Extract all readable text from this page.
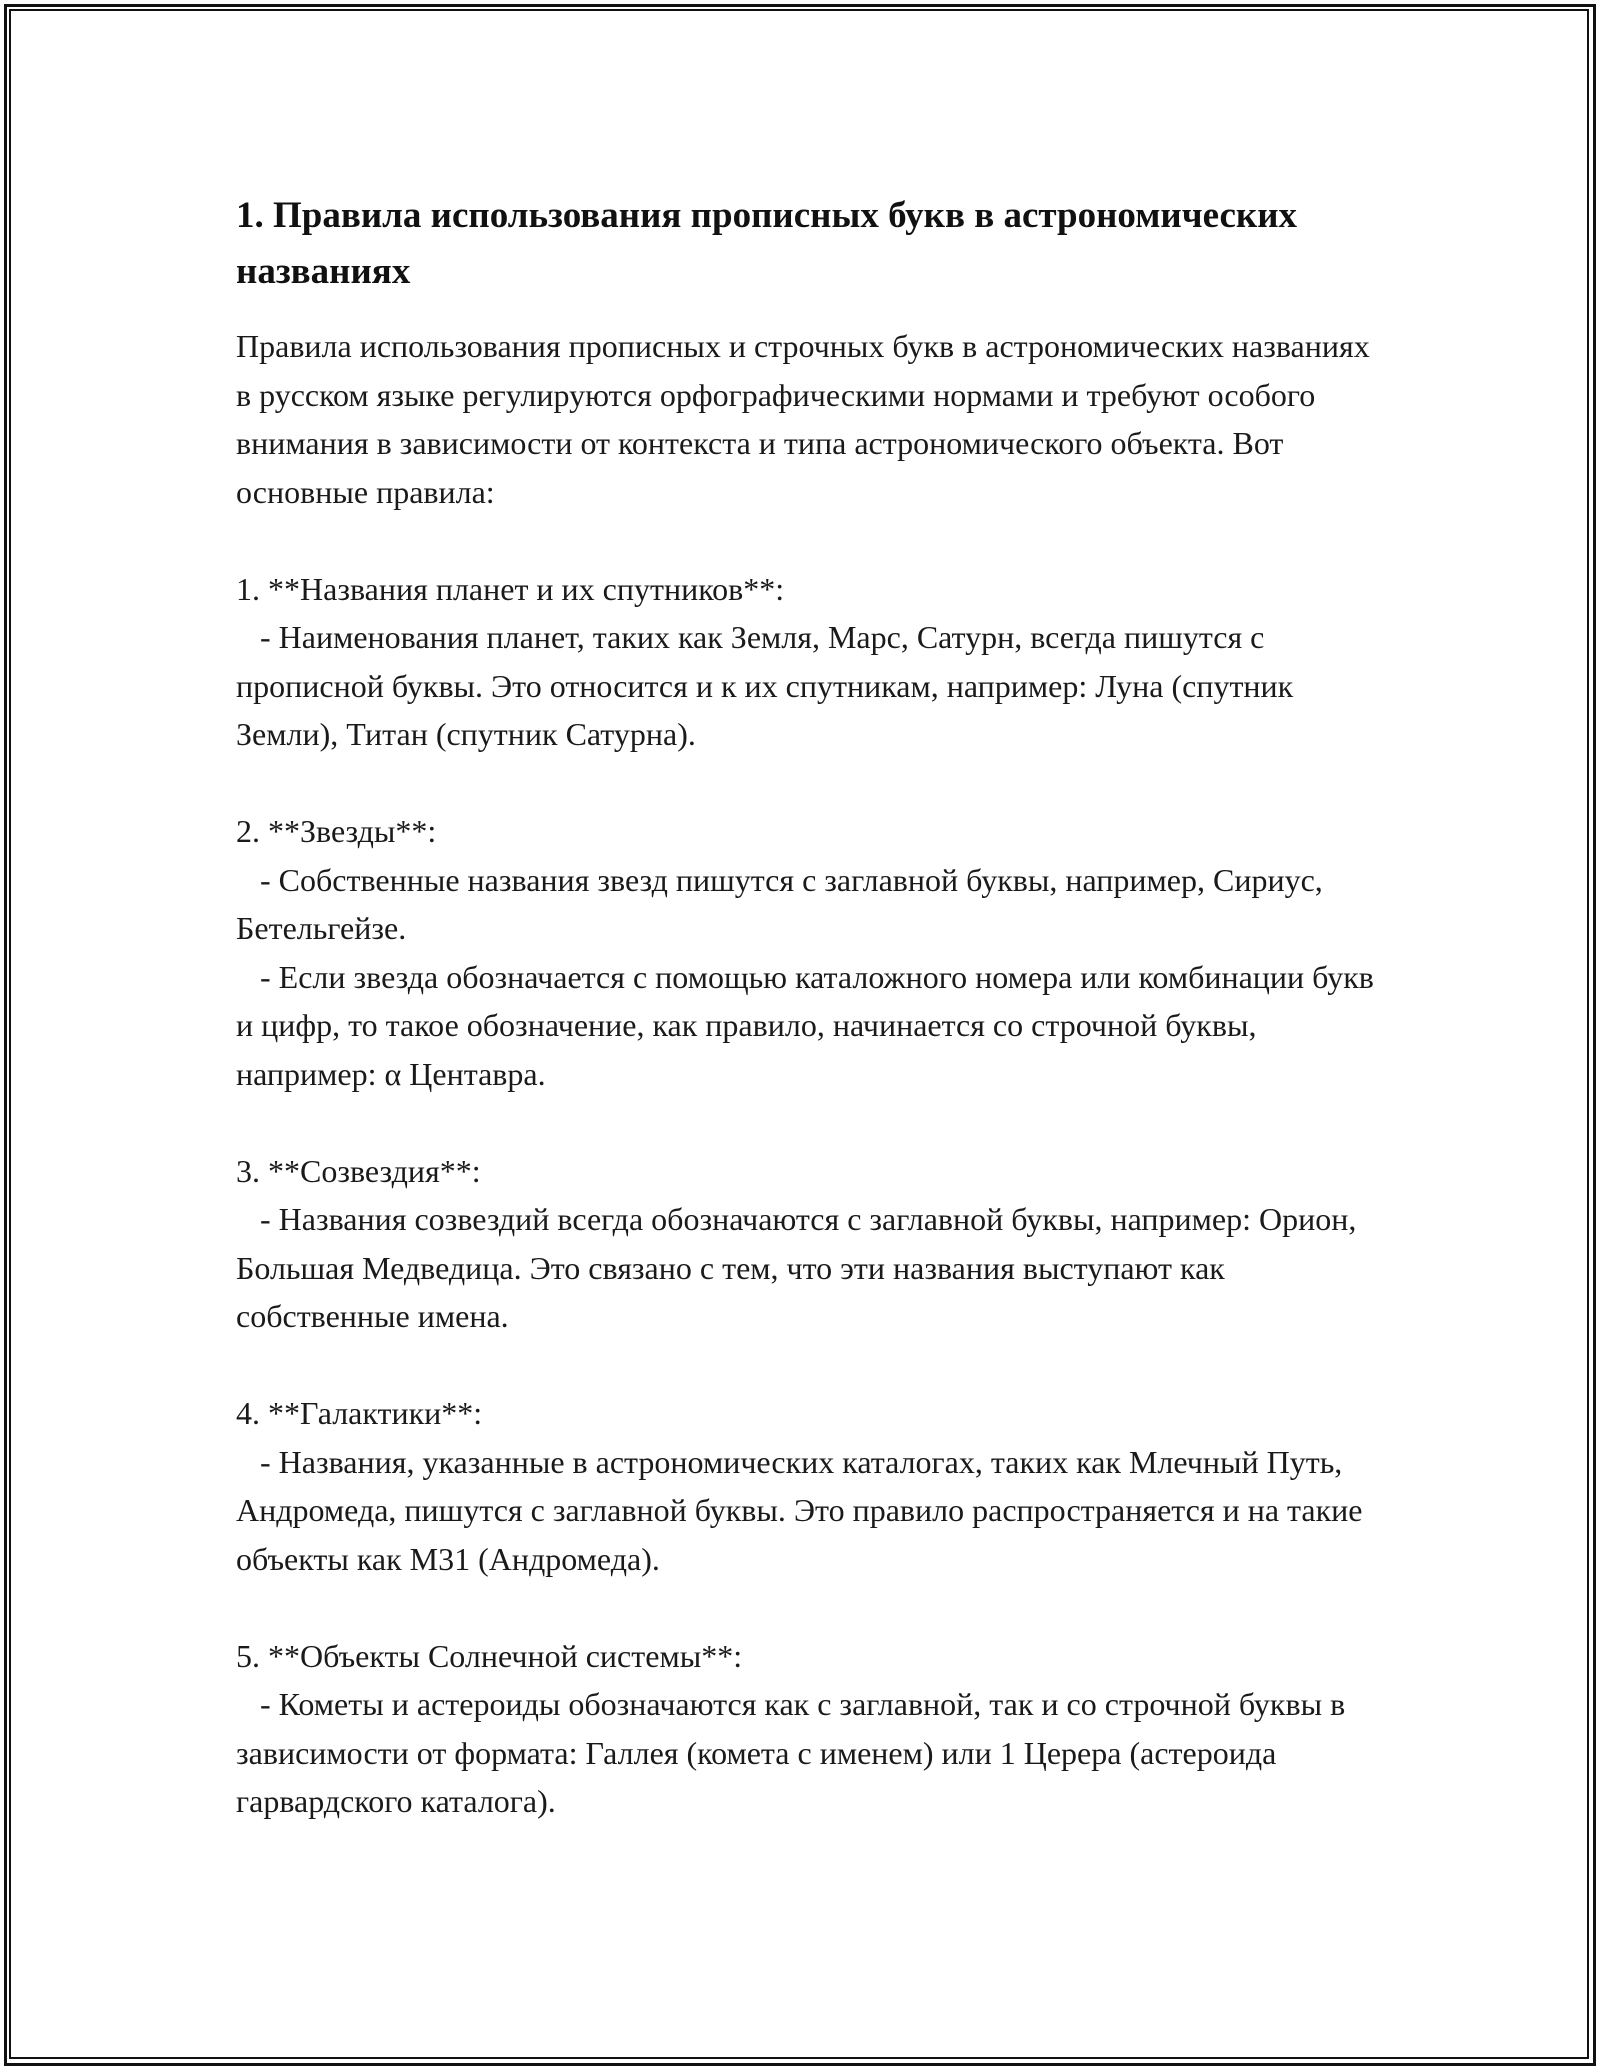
1. Правила использования прописных букв в астрономических названиях

Правила использования прописных и строчных букв в астрономических названиях в русском языке регулируются орфографическими нормами и требуют особого внимания в зависимости от контекста и типа астрономического объекта. Вот основные правила:

1. **Названия планет и их спутников**:

- Наименования планет, таких как Земля, Марс, Сатурн, всегда пишутся с прописной буквы. Это относится и к их спутникам, например: Луна (спутник Земли), Титан (спутник Сатурна).

2. **Звезды**:

- Собственные названия звезд пишутся с заглавной буквы, например, Сириус, Бетельгейзе.

- Если звезда обозначается с помощью каталожного номера или комбинации букв и цифр, то такое обозначение, как правило, начинается со строчной буквы, например: α Центавра.

3. **Созвездия**:

- Названия созвездий всегда обозначаются с заглавной буквы, например: Орион, Большая Медведица. Это связано с тем, что эти названия выступают как собственные имена.

4. **Галактики**:

- Названия, указанные в астрономических каталогах, таких как Млечный Путь, Андромеда, пишутся с заглавной буквы. Это правило распространяется и на такие объекты как M31 (Андромеда).

5. **Объекты Солнечной системы**:

- Кометы и астероиды обозначаются как с заглавной, так и со строчной буквы в зависимости от формата: Галлея (комета с именем) или 1 Церера (астероида гарвардского каталога).
